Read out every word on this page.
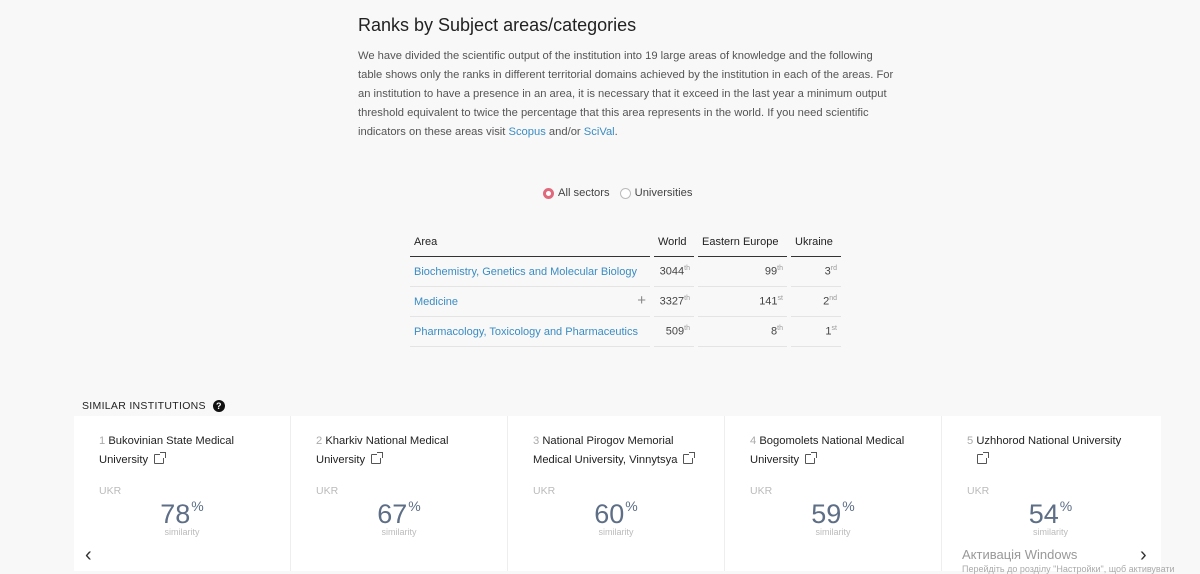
Ranks by Subject areas/categories
We have divided the scientific output of the institution into 19 large areas of knowledge and the following table shows only the ranks in different territorial domains achieved by the institution in each of the areas. For an institution to have a presence in an area, it is necessary that it exceed in the last year a minimum output threshold equivalent to twice the percentage that this area represents in the world. If you need scientific indicators on these areas visit Scopus and/or SciVal.
All sectors Universities
Area	World	Eastern Europe	Ukraine
Biochemistry, Genetics and Molecular Biology	3044th	99th	3rd
Medicine +	3327th	141st	2nd
Pharmacology, Toxicology and Pharmaceutics	509th	8th	1st
SIMILAR INSTITUTIONS	?
1 Bukovinian State Medical University
UKR
78%
similarity
2 Kharkiv National Medical University
UKR
67%
similarity
3 National Pirogov Memorial Medical University, Vinnytsya
UKR
60%
similarity
4 Bogomolets National Medical University
UKR
59%
similarity
5 Uzhhorod National University

UKR
54%
similarity
‹	Активація Windows
Перейдіть до розділу "Настройки", щоб активувати
›
